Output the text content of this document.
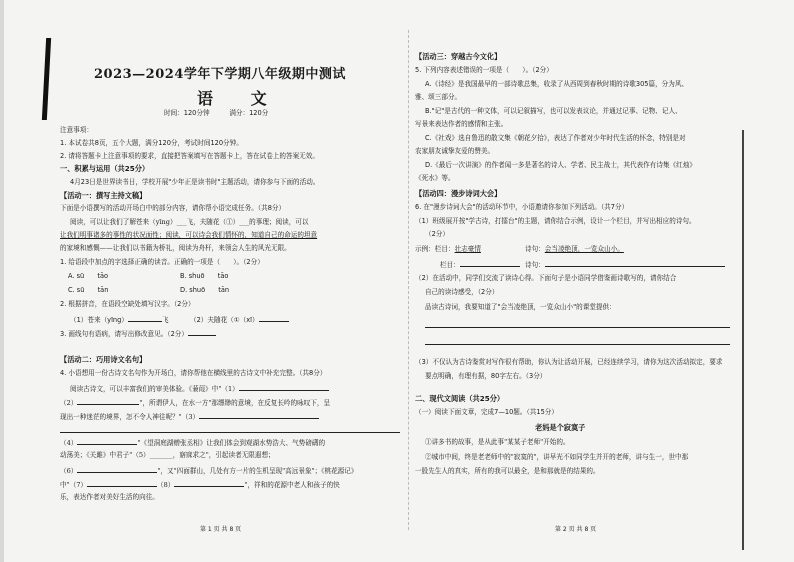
2023—2024学年下学期八年级期中测试
语 文
时间：120分钟　　　满分：120分
注意事项：
1. 本试卷共8页，五个大题，满分120分，考试时间120分钟。
2. 请将答题卡上注意事项的要求，直接把答案填写在答题卡上，答在试卷上的答案无效。
一、积累与运用（共25分）
4月23日是世界读书日，学校开展"少年正是读书时"主题活动，请你参与下面的活动。
【活动一：撰写主持文稿】
下面是小语撰写的活动开场白中的部分内容，请你帮小语完成任务。（共8分）
阅读，可以让我们了解苍来（yīng）___飞，夫随花（①）___的事理；阅读，可以
让我们明事诸多的事性的状况面性；阅读，可以诗会我们情怀的，知道自己的命运的坦意
的家境和感慨——让我们以书籍为桥礼，阅读为舟杆，来领会人生的风光无限。
1. 给语段中加点的字选择正确的读音。正确的一项是（　　）。（2分）
A. sū　　tāo	B. shuō　　tāo
C. sū　　tān	D. shuō　　tān
2. 根据拼音，在语段空缺处填写汉字。（2分）
（1）苍来（yīng）	飞	（2）夫随花（①（xī）
3. 画线句有语病，请写出修改意见。（2分）
【活动二：巧用诗文名句】
4. 小语想用一份古诗文名句作为开场白，请你帮他在横线里的古诗文中补充完整。（共8分）
阅读古诗文，可以丰富我们的审美体验。《蒹葭》中"（1）
（2）	"，所谓伊人，在水一方"那缥缈的意境，在反复长吟的咏叹下，呈
现出一种迷茫的境界，怎不令人神往呢？"（3）
（4）	"《望洞庭湖赠张丞相》让我们体会到观湖水势浩大、气势磅礴的
动荡美；《关雎》中君子"（5）_______，寤寐求之"，引起读者无限遐想；
（6）	"，又"四面群山，几处有方一片的生机呈现"高远景象"；《桃花源记》
中"（7）	（8）	"，祥和的花源中老人和孩子的快
乐，表达作者对美好生活的向往。
第 1 页 共 8 页
【活动三：穿越古今文化】
5. 下列内容表述错误的一项是（　　）。（2分）
A.《诗经》是我国最早的一部诗歌总集，收录了从西周到春秋时期的诗歌305篇，分为风、
雅、颂三部分。
B."记"是古代的一种文体，可以记叙描写，也可以发表议论，并通过记事、记物、记人、
写景来表达作者的感情和主张。
C.《社戏》选自鲁迅的散文集《朝花夕拾》，表达了作者对少年时代生活的怀念，特别是对
农家朋友诚挚友爱的赞美。
D.《最后一次讲演》的作者闻一多是著名的诗人、学者、民主战士，其代表作有诗集《红烛》
《死水》等。
【活动四：漫步诗词大会】
6. 在"漫步诗词大会"的活动环节中，小语邀请你参加下列活动。（共7分）
（1）班级展开按"学古诗，打擂台"的主题，请你结合示例，设计一个栏目，并写出相应的诗句。
（2分）
示例：栏目：壮志豪情	诗句：会当凌绝顶，一览众山小。
栏目：	诗句：
（2）在活动中，同学们交流了读诗心得。下面句子是小语同学借鉴画诗歌写的，请你结合
自己的读诗感受，（2分）
品读古诗词，我要知道了"会当凌绝顶，一览众山小"的课堂提供：
（3）不仅认为古诗鉴赏对写作很有帮助，你认为让活动开展，已经连续学习，请你为这次活动拟定，要求
要点明确，有理有据，80字左右。（3分）
二、现代文阅读（共25分）
（一）阅读下面文章，完成7—10题。（共15分）
老妈是个寂寞子
①讲多书的故事，是从此事"某某子老师"开始的。
②城市中间，终是老老师中的"寂寞的"，讲早光不如同学生并开的老师，讲与生一，世中那
一股先生人的真实，所有的我可以最全，是和那就是的结果的。
第 2 页 共 8 页
